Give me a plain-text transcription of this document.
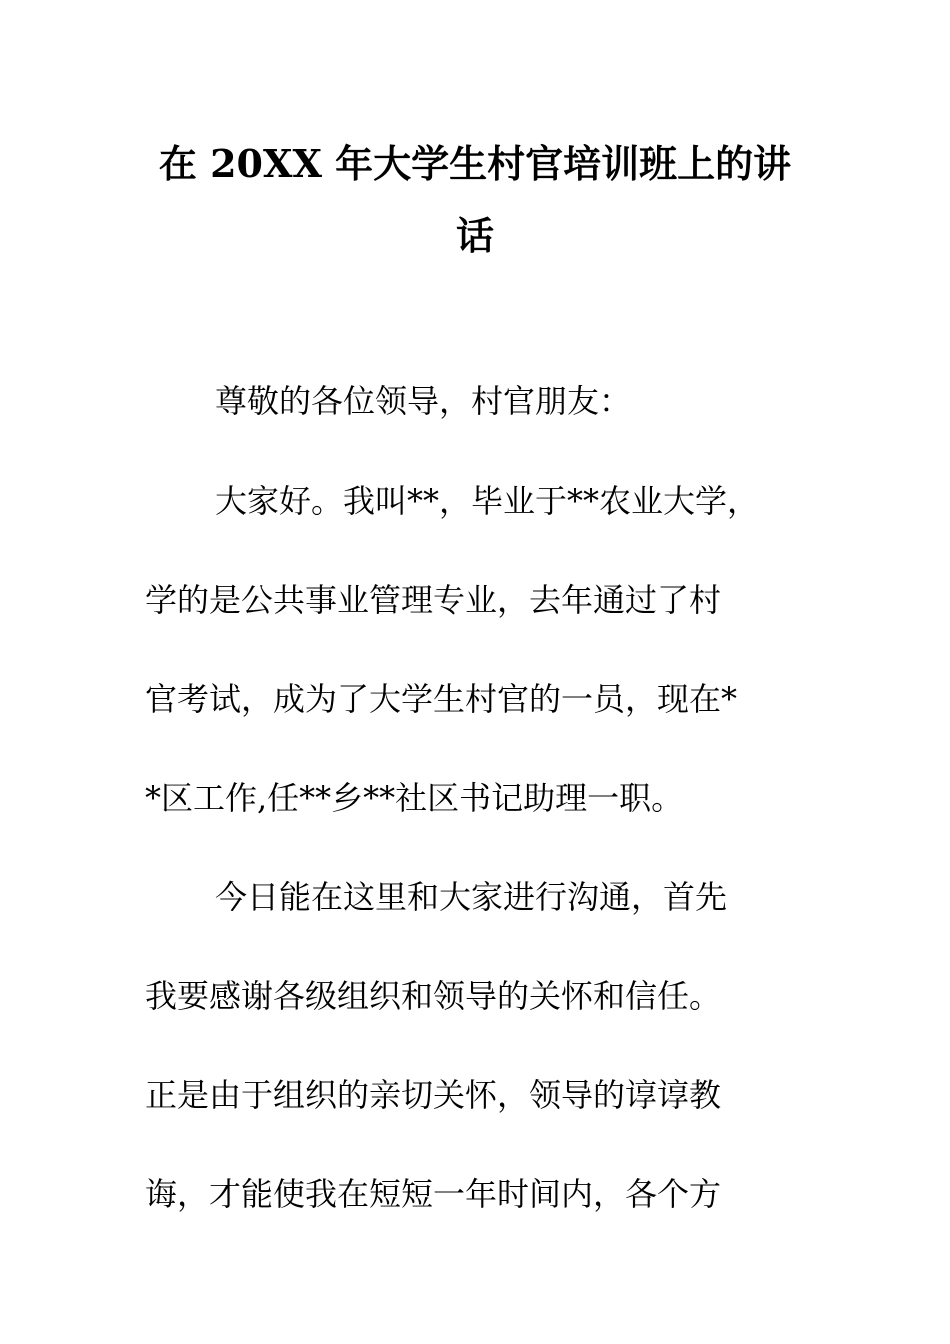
在 20XX 年大学生村官培训班上的讲
话
尊敬的各位领导，村官朋友：
大家好。我叫**，毕业于**农业大学，
学的是公共事业管理专业，去年通过了村
官考试，成为了大学生村官的一员，现在*
*区工作,任**乡**社区书记助理一职。
今日能在这里和大家进行沟通，首先
我要感谢各级组织和领导的关怀和信任。
正是由于组织的亲切关怀，领导的谆谆教
诲，才能使我在短短一年时间内，各个方
